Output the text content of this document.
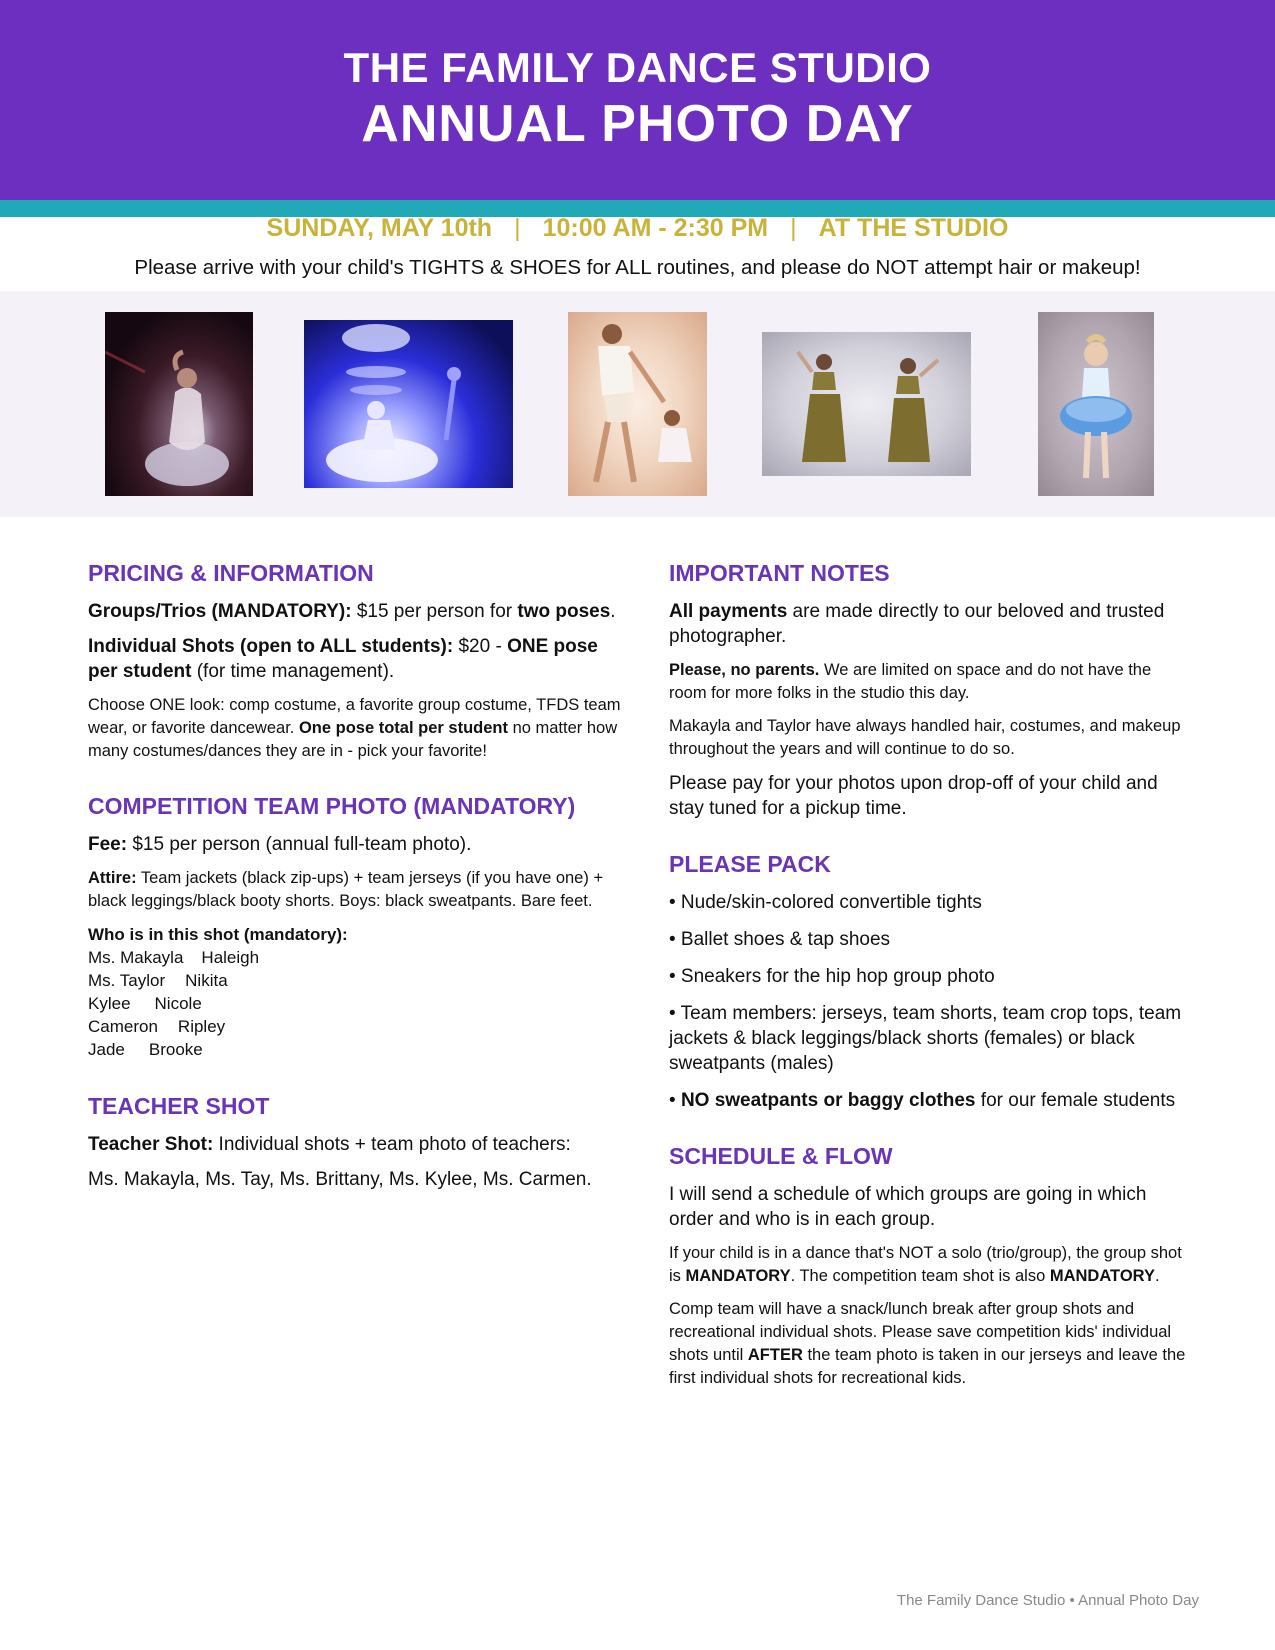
THE FAMILY DANCE STUDIO
ANNUAL PHOTO DAY
SUNDAY, MAY 10th | 10:00 AM - 2:30 PM | AT THE STUDIO
Please arrive with your child's TIGHTS & SHOES for ALL routines, and please do NOT attempt hair or makeup!
PRICING & INFORMATION
Groups/Trios (MANDATORY): $15 per person for two poses.
Individual Shots (open to ALL students): $20 - ONE pose per student (for time management).
Choose ONE look: comp costume, a favorite group costume, TFDS team wear, or favorite dancewear. One pose total per student no matter how many costumes/dances they are in - pick your favorite!
COMPETITION TEAM PHOTO (MANDATORY)
Fee: $15 per person (annual full-team photo).
Attire: Team jackets (black zip-ups) + team jerseys (if you have one) + black leggings/black booty shorts. Boys: black sweatpants. Bare feet.
Who is in this shot (mandatory):
Ms. Makayla Haleigh
Ms. Taylor Nikita
Kylee Nicole
Cameron Ripley
Jade Brooke
TEACHER SHOT
Teacher Shot: Individual shots + team photo of teachers:
Ms. Makayla, Ms. Tay, Ms. Brittany, Ms. Kylee, Ms. Carmen.
IMPORTANT NOTES
All payments are made directly to our beloved and trusted photographer.
Please, no parents. We are limited on space and do not have the room for more folks in the studio this day.
Makayla and Taylor have always handled hair, costumes, and makeup throughout the years and will continue to do so.
Please pay for your photos upon drop-off of your child and stay tuned for a pickup time.
PLEASE PACK
• Nude/skin-colored convertible tights
• Ballet shoes & tap shoes
• Sneakers for the hip hop group photo
• Team members: jerseys, team shorts, team crop tops, team jackets & black leggings/black shorts (females) or black sweatpants (males)
• NO sweatpants or baggy clothes for our female students
SCHEDULE & FLOW
I will send a schedule of which groups are going in which order and who is in each group.
If your child is in a dance that's NOT a solo (trio/group), the group shot is MANDATORY. The competition team shot is also MANDATORY.
Comp team will have a snack/lunch break after group shots and recreational individual shots. Please save competition kids' individual shots until AFTER the team photo is taken in our jerseys and leave the first individual shots for recreational kids.
The Family Dance Studio • Annual Photo Day
